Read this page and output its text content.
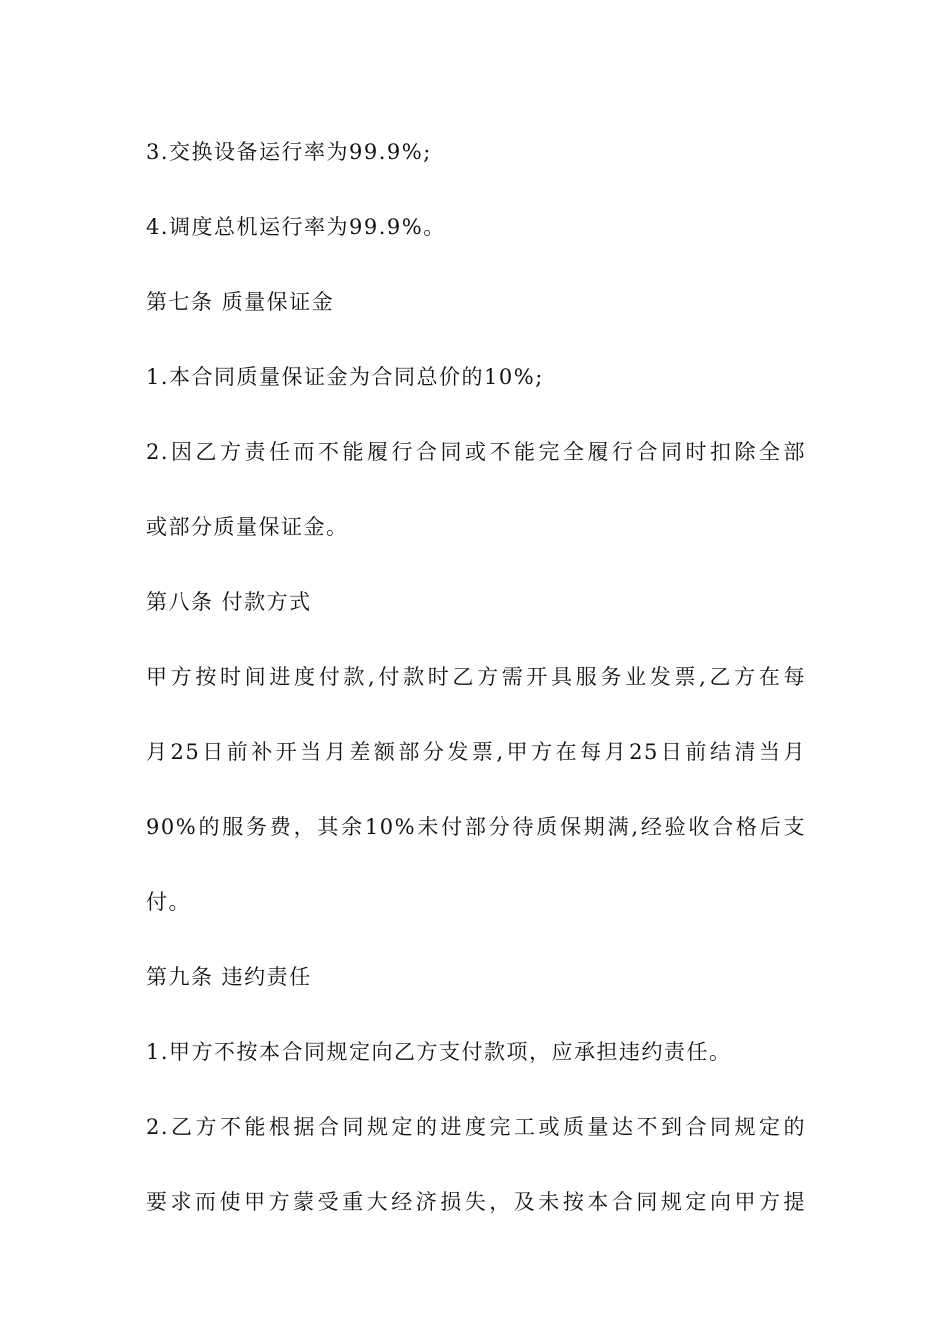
3.交换设备运行率为99.9%;
4.调度总机运行率为99.9%。
第七条 质量保证金
1.本合同质量保证金为合同总价的10%;
2.因乙方责任而不能履行合同或不能完全履行合同时扣除全部
或部分质量保证金。
第八条 付款方式
甲方按时间进度付款,付款时乙方需开具服务业发票,乙方在每
月25日前补开当月差额部分发票,甲方在每月25日前结清当月
90%的服务费，其余10%未付部分待质保期满,经验收合格后支
付。
第九条 违约责任
1.甲方不按本合同规定向乙方支付款项，应承担违约责任。
2.乙方不能根据合同规定的进度完工或质量达不到合同规定的
要求而使甲方蒙受重大经济损失，及未按本合同规定向甲方提
